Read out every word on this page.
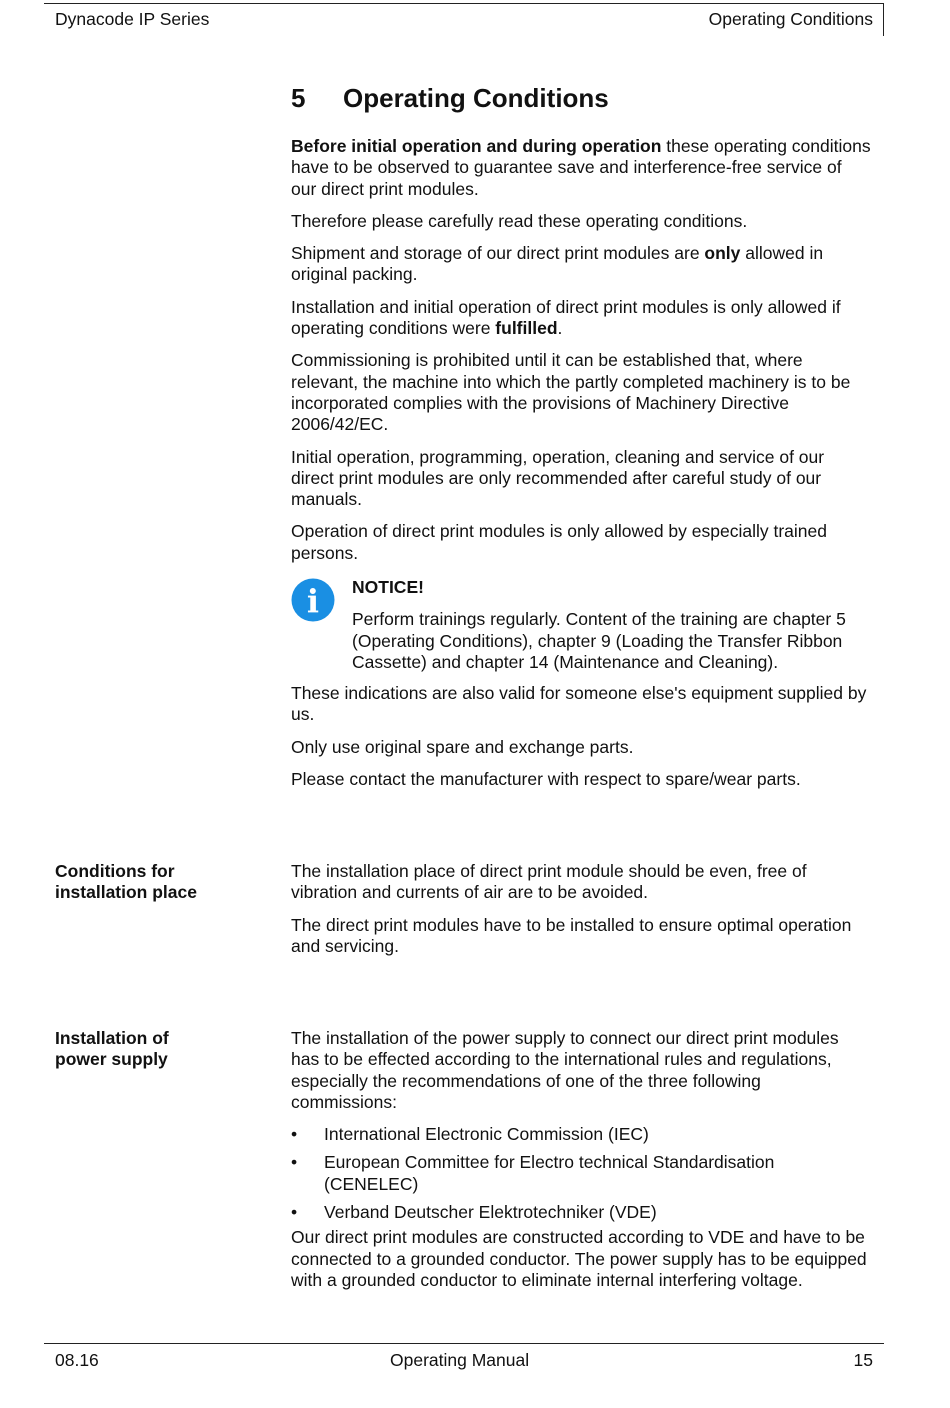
Dynacode IP Series	Operating Conditions
5 Operating Conditions

Before initial operation and during operation these operating conditions have to be observed to guarantee save and interference-free service of our direct print modules.

Therefore please carefully read these operating conditions.

Shipment and storage of our direct print modules are only allowed in original packing.

Installation and initial operation of direct print modules is only allowed if operating conditions were fulfilled.

Commissioning is prohibited until it can be established that, where relevant, the machine into which the partly completed machinery is to be incorporated complies with the provisions of Machinery Directive 2006/42/EC.

Initial operation, programming, operation, cleaning and service of our direct print modules are only recommended after careful study of our manuals.

Operation of direct print modules is only allowed by especially trained persons.

i NOTICE!
Perform trainings regularly. Content of the training are chapter 5 (Operating Conditions), chapter 9 (Loading the Transfer Ribbon Cassette) and chapter 14 (Maintenance and Cleaning).

These indications are also valid for someone else's equipment supplied by us.

Only use original spare and exchange parts.

Please contact the manufacturer with respect to spare/wear parts.

Conditions for installation place

The installation place of direct print module should be even, free of vibration and currents of air are to be avoided.

The direct print modules have to be installed to ensure optimal operation and servicing.

Installation of power supply

The installation of the power supply to connect our direct print modules has to be effected according to the international rules and regulations, especially the recommendations of one of the three following commissions:

• International Electronic Commission (IEC)
• European Committee for Electro technical Standardisation (CENELEC)
• Verband Deutscher Elektrotechniker (VDE)

Our direct print modules are constructed according to VDE and have to be connected to a grounded conductor. The power supply has to be equipped with a grounded conductor to eliminate internal interfering voltage.

08.16	Operating Manual	15
